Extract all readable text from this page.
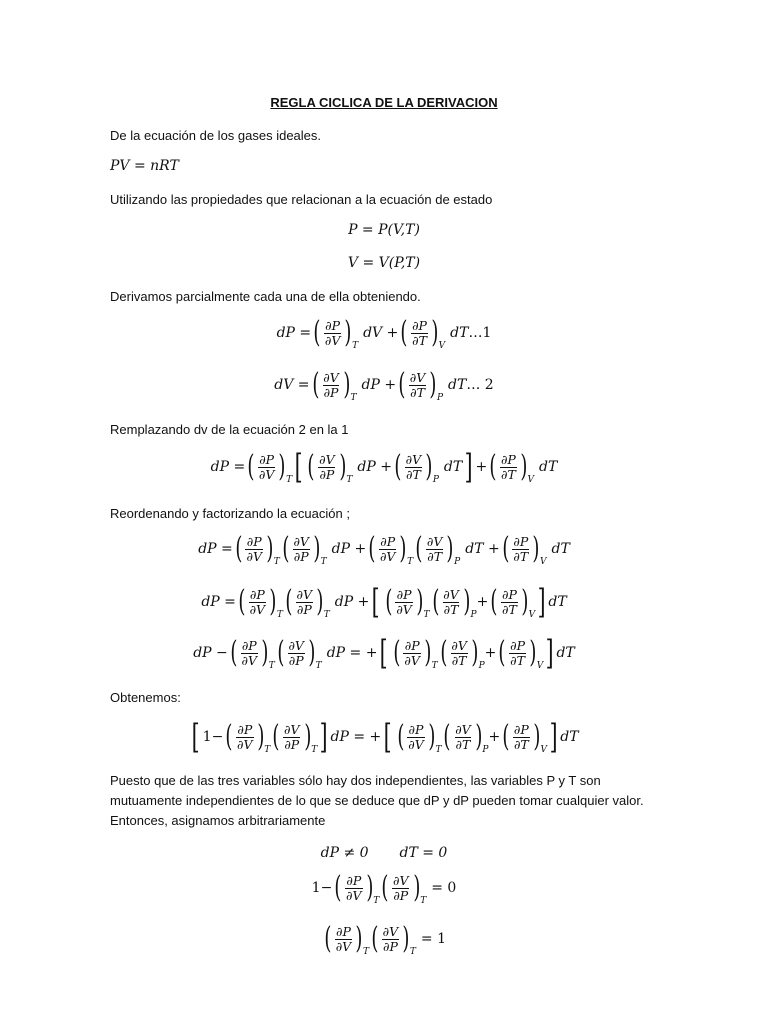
REGLA CICLICA DE LA DERIVACION
De la ecuación de los gases ideales.
PV = nRT
Utilizando las propiedades que relacionan a la ecuación de estado
P = P(V,T)
V = V(P,T)
Derivamos parcialmente cada una de ella obteniendo.
dP = ( $\frac{\partial P}{\partial V} )_T$
dV + ( $\frac{\partial P}{\partial T} )_V$
dT …1
dV = ( $\frac{\partial V}{\partial P} )_T$
dP + ( $\frac{\partial V}{\partial T} )_P$
dT … 2
Remplazando dv de la ecuación 2 en la 1
dP = ( $\frac{\partial P}{\partial V} )_T$ [ ( $\frac{\partial V}{\partial P} )_T$
dP + ( $\frac{\partial V}{\partial T} )_P$
dT ] + ( $\frac{\partial P}{\partial T} )_V$
dT
Reordenando y factorizando la ecuación ;
dP = ( $\frac{\partial P}{\partial V} )_T$ ( $\frac{\partial V}{\partial P} )_T$
dP + ( $\frac{\partial P}{\partial V} )_T$ ( $\frac{\partial V}{\partial T} )_P$
dT + ( $\frac{\partial P}{\partial T} )_V$
dT
dP = ( $\frac{\partial P}{\partial V} )_T$ ( $\frac{\partial V}{\partial P} )_T$
dP + [ ( $\frac{\partial P}{\partial V} )_T$ ( $\frac{\partial V}{\partial T} )_P$
+ ( $\frac{\partial P}{\partial T} )_V$ ] dT
dP − ( $\frac{\partial P}{\partial V} )_T$ ( $\frac{\partial V}{\partial P} )_T$
dP = + [ ( $\frac{\partial P}{\partial V} )_T$ ( $\frac{\partial V}{\partial T} )_P$
+ ( $\frac{\partial P}{\partial T} )_V$ ] dT
Obtenemos:
[ 1 − ( $\frac{\partial P}{\partial V} )_T$ ( $\frac{\partial V}{\partial P} )_T$ ] dP = + [ ( $\frac{\partial P}{\partial V} )_T$ ( $\frac{\partial V}{\partial T} )_P$
+ ( $\frac{\partial P}{\partial T} )_V$ ] dT
Puesto que de las tres variables sólo hay dos independientes, las variables P y T son
mutuamente independientes de lo que se deduce que dP y dP pueden tomar cualquier valor.
Entonces, asignamos arbitrariamente
dP ≠ 0 dT = 0
1 − ( $\frac{\partial P}{\partial V} )_T$ ( $\frac{\partial V}{\partial P} )_T$
= 0
( $\frac{\partial P}{\partial V} )_T$ ( $\frac{\partial V}{\partial P} )_T$
= 1
